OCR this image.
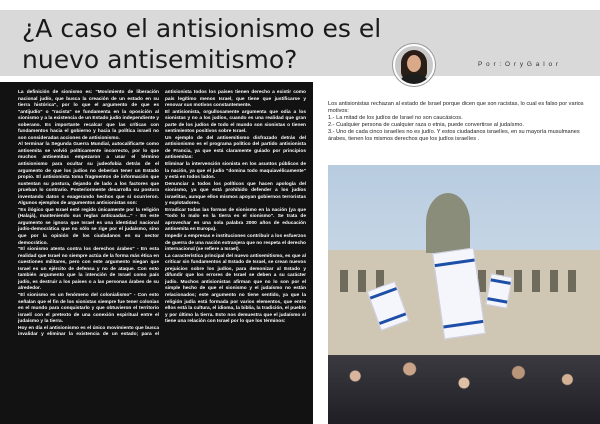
¿A caso el antisionismo es el nuevo antisemitismo?	P o r : O r y G a l o r

La definición de sionismo es: "Movimiento de liberación nacional judío, que busca la creación de un estado en su tierra histórica", por lo que el argumento de que es "antijudío" o "racista" se fundamenta en la oposición al sionismo y a la existencia de un Estado judío independiente y soberano. Es importante recalcar que las críticas con fundamentos hacia el gobierno y hacia la política israelí no son consideradas acciones de antisionismo.

Al terminar la Segunda Guerra Mundial, autocalificarte como antisemita se volvió políticamente incorrecto, por lo que muchos antisemitas empezaron a usar el término antisionismo para ocultar su judeofobia detrás de el argumento de que los judíos no deberían tener un Estado propio. El antisionista toma fragmentos de información que sustentan su postura, dejando de lado a los factores que prueban lo contrario. Posteriormente desarrolla su postura inventando datos o exagerando hechos que sí ocurrieron. Algunos ejemplos de argumentos antisionistas son:

"Es ilógico que Israel esté regido únicamente por la religión (Halajá), manteniendo sus reglas anticuadas..." - En este argumento se ignora que Israel es una identidad nacional judío-democrática que no sólo se rige por el judaísmo, sino que por la opinión de los ciudadanos en su sector democrático.

"El sionismo atenta contra los derechos árabes" - En esta realidad que Israel no siempre actúa de la forma más ética en cuestiones militares, pero con este argumento niegan que Israel es un ejército de defensa y no de ataque. Con esto también argumento que la intención de Israel como país judío, es destruir a los países o a las personas árabes de su alrededor.

"El sionismo es un fenómeno del colonialismo" - Con esto señalan que el fin de los sionistas siempre fue tener colonias en el mundo para conquistarlo y que obtuvieron el territorio israelí con el pretexto de una conexión espiritual entre el judaísmo y la tierra.

Hoy en día el antisionismo es el único movimiento que busca invalidar y eliminar la existencia de un estado; para el antisionista todos los países tienen derecho a existir como país legítimo menos Israel, que tiene que justificarse y renovar sus motivos constantemente.

El antisionista, orgullosamente argumenta que odia a los sionistas y no a los judíos, cuando es una realidad que gran parte de los judíos de todo el mundo son sionistas o tienen sentimientos positivos sobre Israel.

Un ejemplo de del antisemitismo disfrazado detrás del antisionismo es el programa político del partido antisionista de Francia, ya que está claramente guiado por principios antisemitas:

Eliminar la intervención sionista en los asuntos públicos de la nación, ya que el judío "domina todo maquiavélicamente" y está en todos lados.

Denunciar a todos los políticos que hacen apología del sionismo, ya que está prohibido defender a los judíos israelitas, aunque ellos mismos apoyan gobiernos terroristas y explotadores.

Erradicar todas las formas de sionismo en la nación (ya que "todo lo malo en la tierra es el sionismo". Se trata de aprovechar en una sola palabra 2000 años de educación antisemita en Europa).

Impedir a empresas e instituciones contribuir a los esfuerzos de guerra de una nación extranjera que no respeta el derecho internacional (se refiere a Israel).

La característica principal del nuevo antisemitismo, es que al criticar sin fundamentos al Estado de Israel, se crean nuevos prejuicios sobre los judíos, para demonizar al Estado y difundir que los errores de Israel se deben a su carácter judío. Muchos antisionistas afirman que no lo son por el simple hecho de que el sionismo y el judaísmo no están relacionados; este argumento no tiene sentido, ya que la religión judía está formada por varios elementos, que entre ellos está la cultura, el idioma, la biblia, la tradición, el pueblo y por último la tierra. Esto nos demuestra que el judaísmo sí tiene una relación con Israel por lo que los términos:

Los antisionistas rechazan al estado de Israel porque dicen que son racistas, lo cual es falso por varios motivos:

1.- La mitad de los judíos de Israel no son caucásicos.

2.- Cualquier persona de cualquier raza o etnia, puede convertirse al judaísmo.

3.- Uno de cada cinco israelíes no es judío. Y estos ciudadanos israelíes, en su mayoría musulmanes árabes, tienen los mismos derechos que los judíos israelíes .
